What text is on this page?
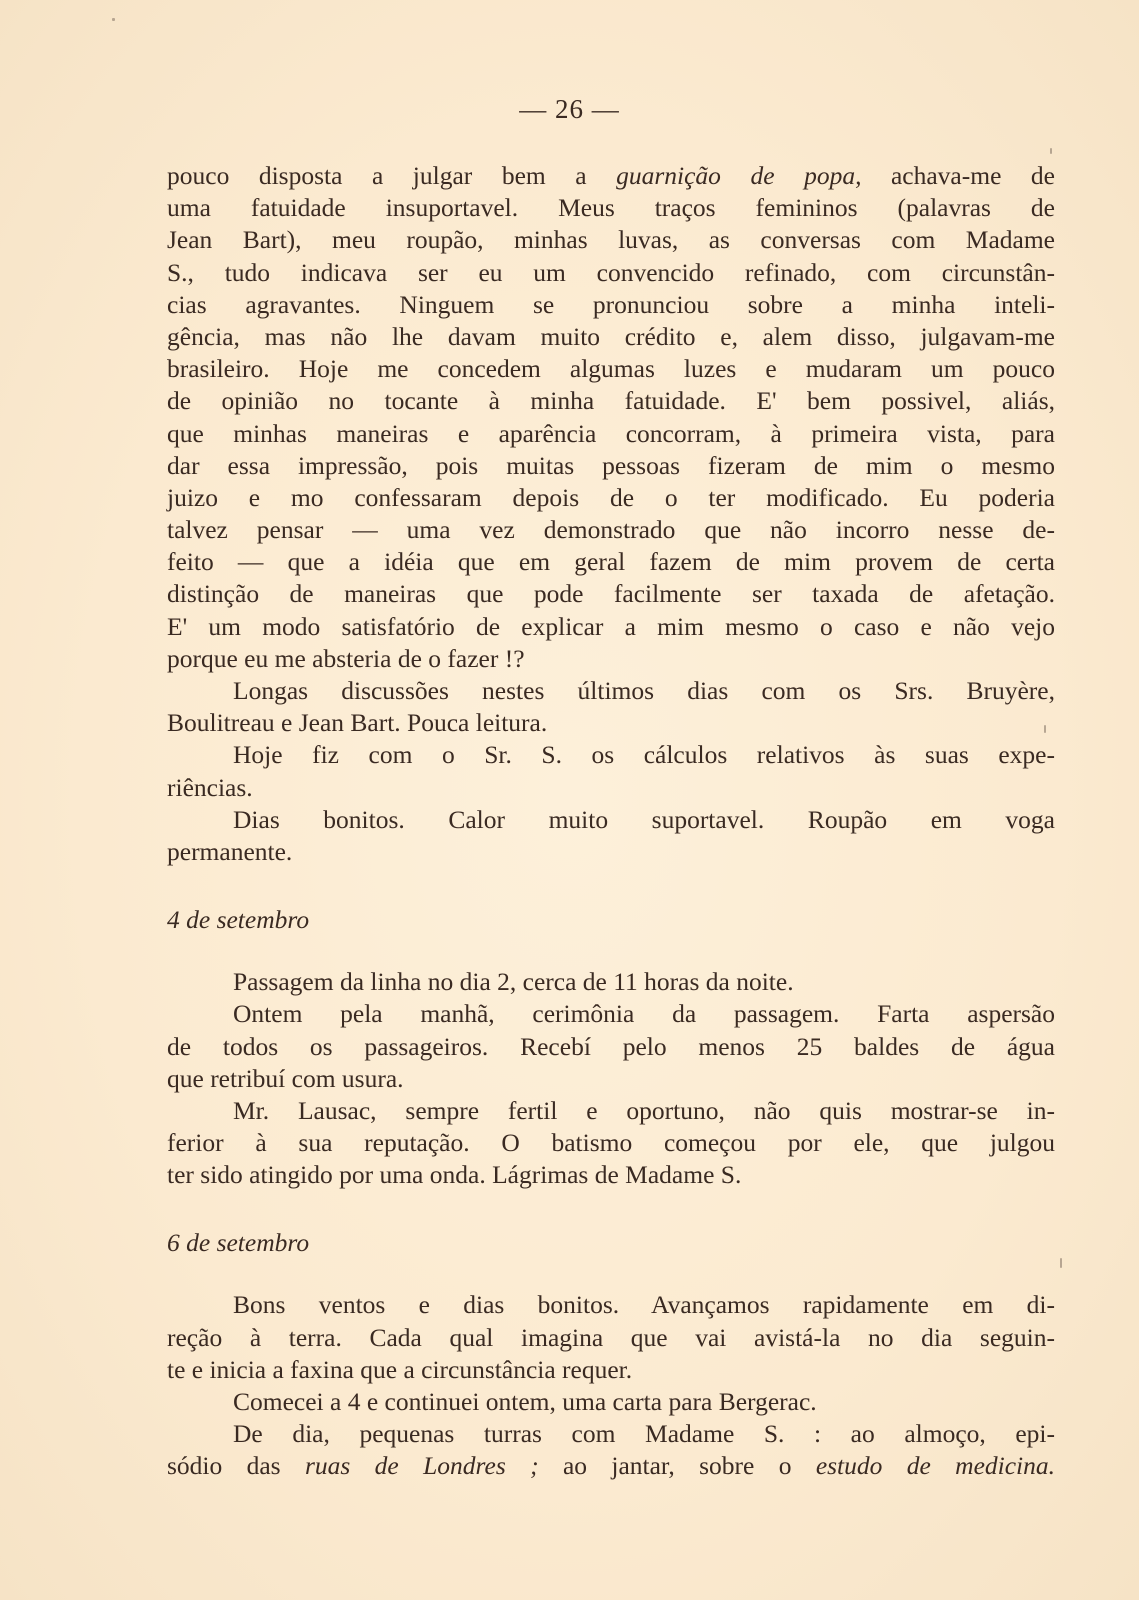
— 26 —
pouco disposta a julgar bem a guarnição de popa, achava-me de
uma fatuidade insuportavel. Meus traços femininos (palavras de
Jean Bart), meu roupão, minhas luvas, as conversas com Madame
S., tudo indicava ser eu um convencido refinado, com circunstân-
cias agravantes. Ninguem se pronunciou sobre a minha inteli-
gência, mas não lhe davam muito crédito e, alem disso, julgavam-me
brasileiro. Hoje me concedem algumas luzes e mudaram um pouco
de opinião no tocante à minha fatuidade. E' bem possivel, aliás,
que minhas maneiras e aparência concorram, à primeira vista, para
dar essa impressão, pois muitas pessoas fizeram de mim o mesmo
juizo e mo confessaram depois de o ter modificado. Eu poderia
talvez pensar — uma vez demonstrado que não incorro nesse de-
feito — que a idéia que em geral fazem de mim provem de certa
distinção de maneiras que pode facilmente ser taxada de afetação.
E' um modo satisfatório de explicar a mim mesmo o caso e não vejo
porque eu me absteria de o fazer !?
Longas discussões nestes últimos dias com os Srs. Bruyère,
Boulitreau e Jean Bart. Pouca leitura.
Hoje fiz com o Sr. S. os cálculos relativos às suas expe-
riências.
Dias bonitos. Calor muito suportavel. Roupão em voga
permanente.
4 de setembro
Passagem da linha no dia 2, cerca de 11 horas da noite.
Ontem pela manhã, cerimônia da passagem. Farta aspersão
de todos os passageiros. Recebí pelo menos 25 baldes de água
que retribuí com usura.
Mr. Lausac, sempre fertil e oportuno, não quis mostrar-se in-
ferior à sua reputação. O batismo começou por ele, que julgou
ter sido atingido por uma onda. Lágrimas de Madame S.
6 de setembro
Bons ventos e dias bonitos. Avançamos rapidamente em di-
reção à terra. Cada qual imagina que vai avistá-la no dia seguin-
te e inicia a faxina que a circunstância requer.
Comecei a 4 e continuei ontem, uma carta para Bergerac.
De dia, pequenas turras com Madame S. : ao almoço, epi-
sódio das ruas de Londres ; ao jantar, sobre o estudo de medicina.
